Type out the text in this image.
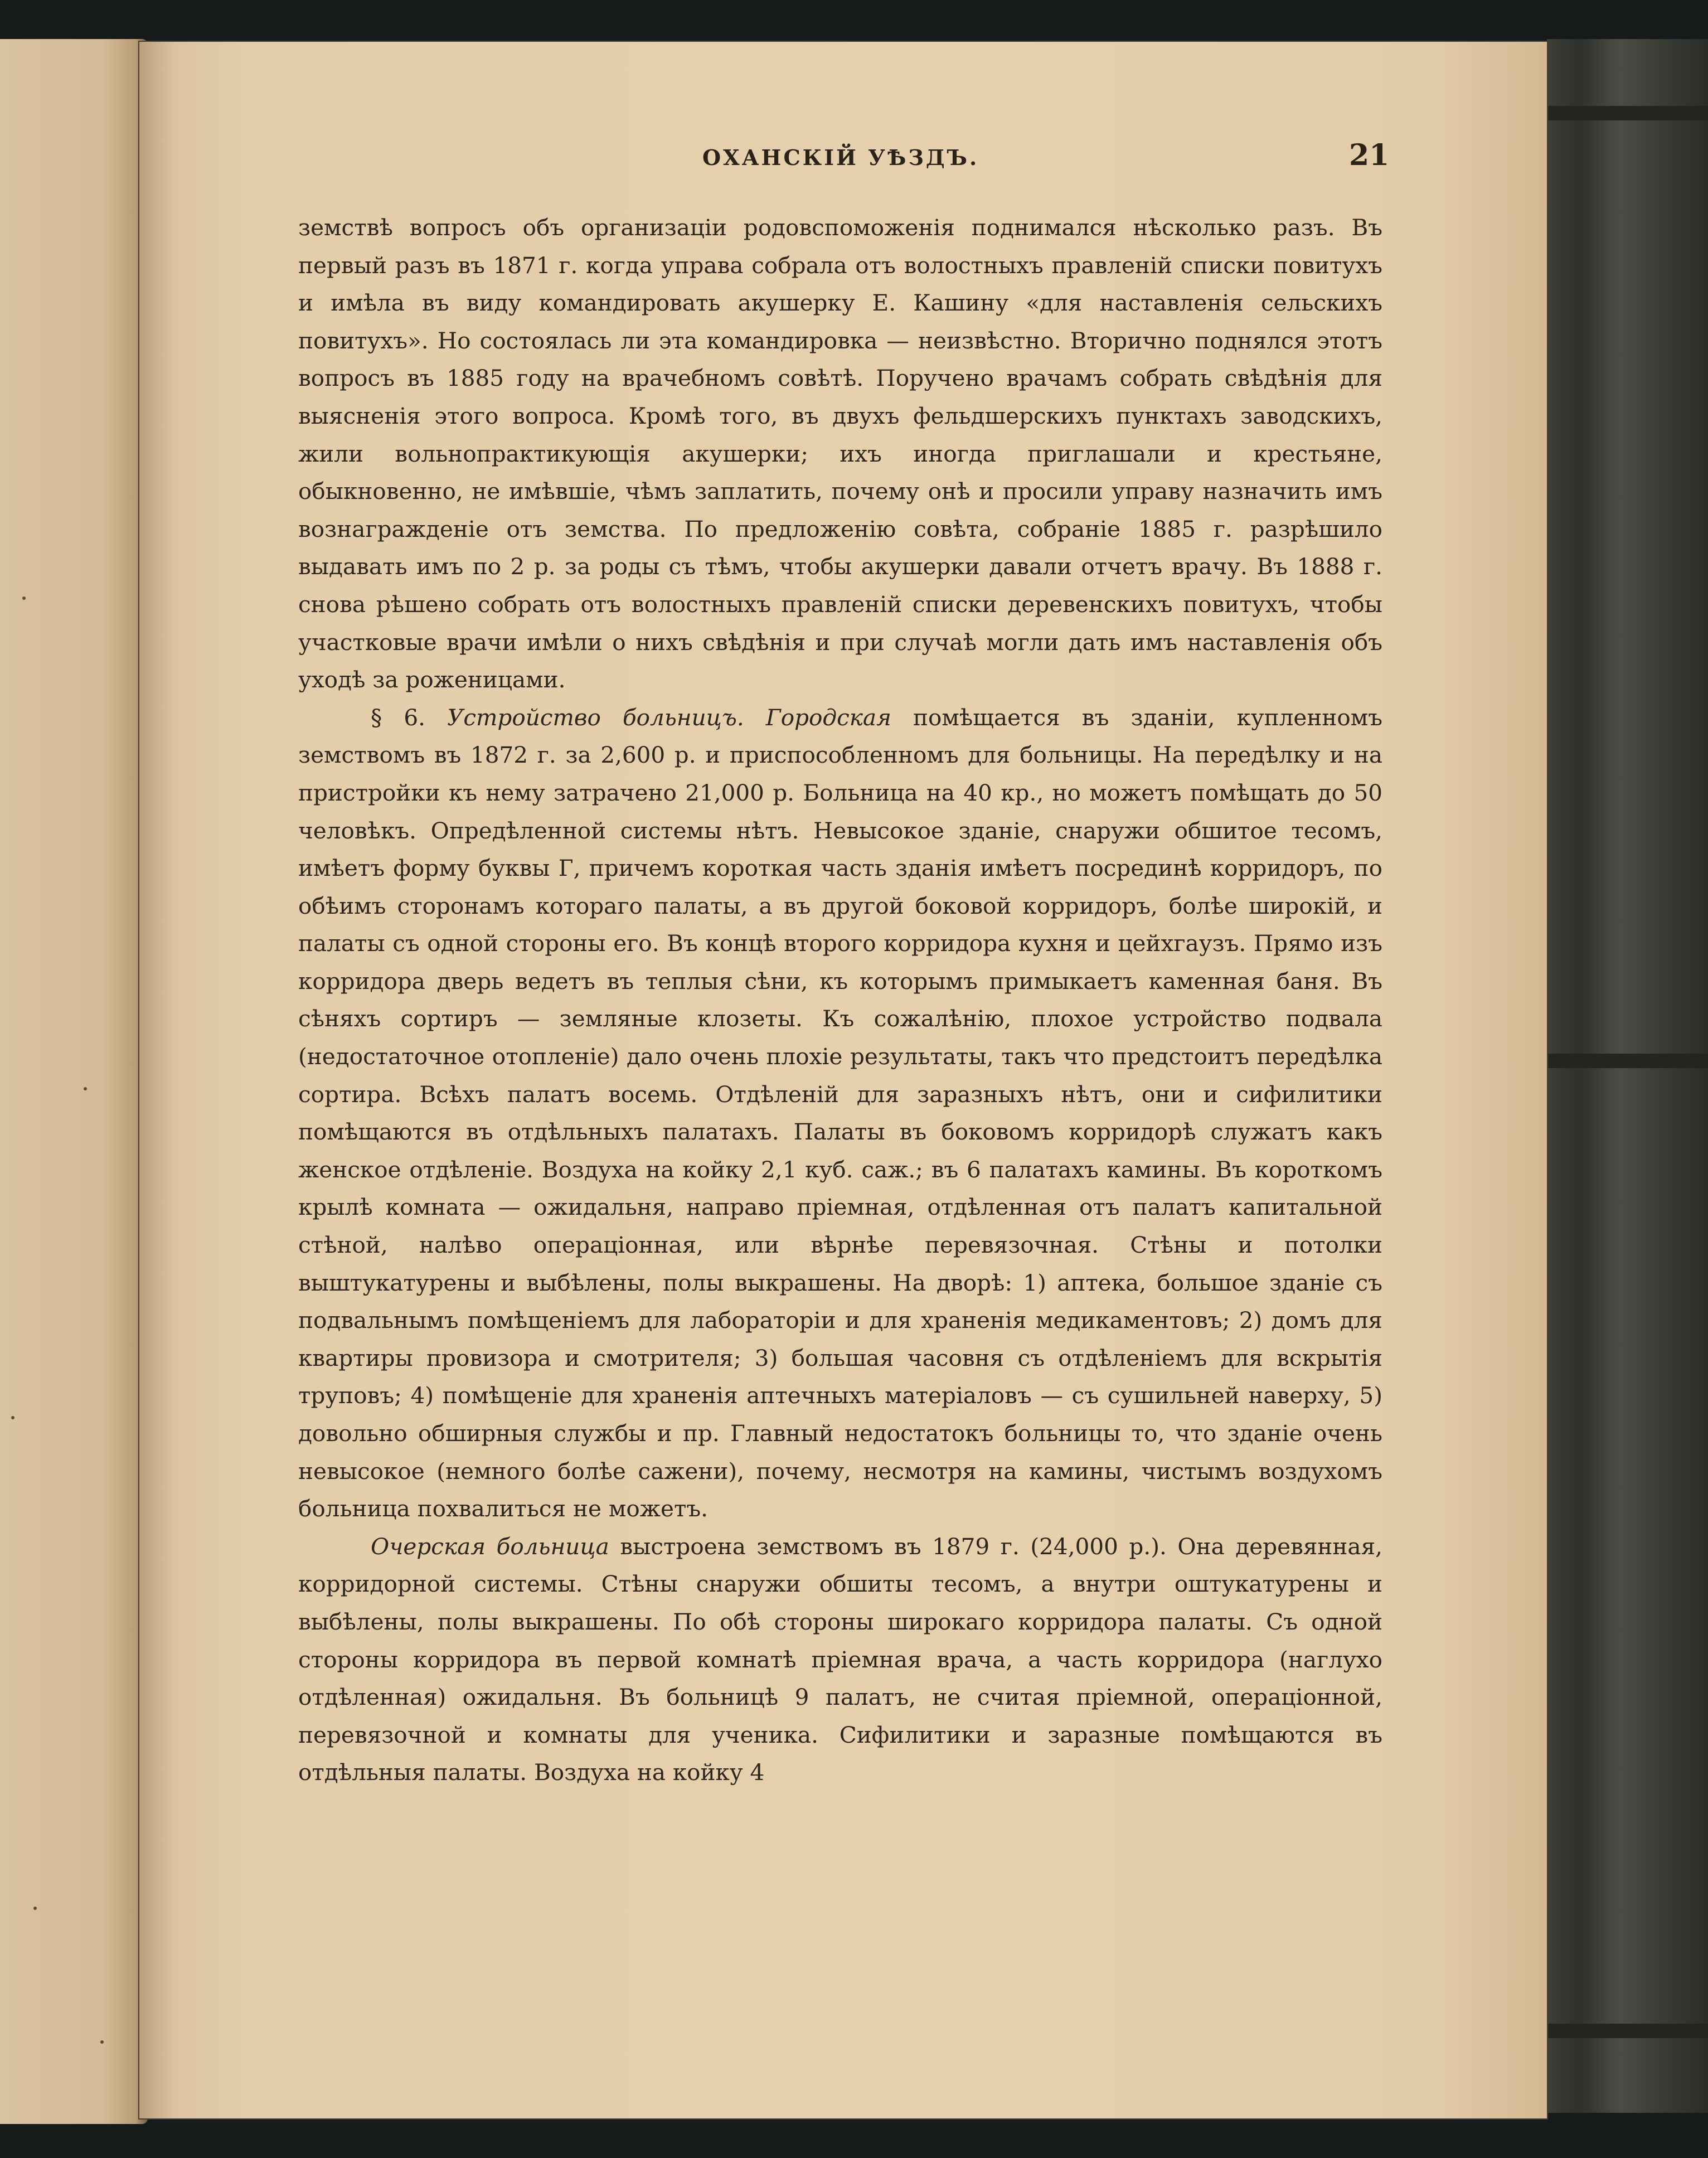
ОХАНСКІЙ УѢЗДЪ.	21

земствѣ вопросъ объ организаціи родовспоможенія поднимался нѣсколько разъ. Въ первый разъ въ 1871 г. когда управа собрала отъ волостныхъ правленій списки повитухъ и имѣла въ виду командировать акушерку Е. Кашину «для наставленія сельскихъ повитухъ». Но состоялась ли эта командировка — неизвѣстно. Вторично поднялся этотъ вопросъ въ 1885 году на врачебномъ совѣтѣ. Поручено врачамъ собрать свѣдѣнія для выясненія этого вопроса. Кромѣ того, въ двухъ фельдшерскихъ пунктахъ заводскихъ, жили вольнопрактикующія акушерки; ихъ иногда приглашали и крестьяне, обыкновенно, не имѣвшіе, чѣмъ заплатить, почему онѣ и просили управу назначить имъ вознагражденіе отъ земства. По предложенію совѣта, собраніе 1885 г. разрѣшило выдавать имъ по 2 р. за роды съ тѣмъ, чтобы акушерки давали отчетъ врачу. Въ 1888 г. снова рѣшено собрать отъ волостныхъ правленій списки деревенскихъ повитухъ, чтобы участковые врачи имѣли о нихъ свѣдѣнія и при случаѣ могли дать имъ наставленія объ уходѣ за роженицами.

§ 6. Устройство больницъ. Городская помѣщается въ зданіи, купленномъ земствомъ въ 1872 г. за 2,600 р. и приспособленномъ для больницы. На передѣлку и на пристройки къ нему затрачено 21,000 р. Больница на 40 кр., но можетъ помѣщать до 50 человѣкъ. Опредѣленной системы нѣтъ. Невысокое зданіе, снаружи обшитое тесомъ, имѣетъ форму буквы Г, причемъ короткая часть зданія имѣетъ посрединѣ корридоръ, по обѣимъ сторонамъ котораго палаты, а въ другой боковой корридоръ, болѣе широкій, и палаты съ одной стороны его. Въ концѣ второго корридора кухня и цейхгаузъ. Прямо изъ корридора дверь ведетъ въ теплыя сѣни, къ которымъ примыкаетъ каменная баня. Въ сѣняхъ сортиръ — земляные клозеты. Къ сожалѣнію, плохое устройство подвала (недостаточное отопленіе) дало очень плохіе результаты, такъ что предстоитъ передѣлка сортира. Всѣхъ палатъ восемь. Отдѣленій для заразныхъ нѣтъ, они и сифилитики помѣщаются въ отдѣльныхъ палатахъ. Палаты въ боковомъ корридорѣ служатъ какъ женское отдѣленіе. Воздуха на койку 2,1 куб. саж.; въ 6 палатахъ камины. Въ короткомъ крылѣ комната — ожидальня, направо пріемная, отдѣленная отъ палатъ капитальной стѣной, налѣво операціонная, или вѣрнѣе перевязочная. Стѣны и потолки выштукатурены и выбѣлены, полы выкрашены. На дворѣ: 1) аптека, большое зданіе съ подвальнымъ помѣщеніемъ для лабораторіи и для храненія медикаментовъ; 2) домъ для квартиры провизора и смотрителя; 3) большая часовня съ отдѣленіемъ для вскрытія труповъ; 4) помѣщеніе для храненія аптечныхъ матеріаловъ — съ сушильней наверху, 5) довольно обширныя службы и пр. Главный недостатокъ больницы то, что зданіе очень невысокое (немного болѣе сажени), почему, несмотря на камины, чистымъ воздухомъ больница похвалиться не можетъ.

Очерская больница выстроена земствомъ въ 1879 г. (24,000 р.). Она деревянная, корридорной системы. Стѣны снаружи обшиты тесомъ, а внутри оштукатурены и выбѣлены, полы выкрашены. По обѣ стороны широкаго корридора палаты. Съ одной стороны корридора въ первой комнатѣ пріемная врача, а часть корридора (наглухо отдѣленная) ожидальня. Въ больницѣ 9 палатъ, не считая пріемной, операціонной, перевязочной и комнаты для ученика. Сифилитики и заразные помѣщаются въ отдѣльныя палаты. Воздуха на койку 4
